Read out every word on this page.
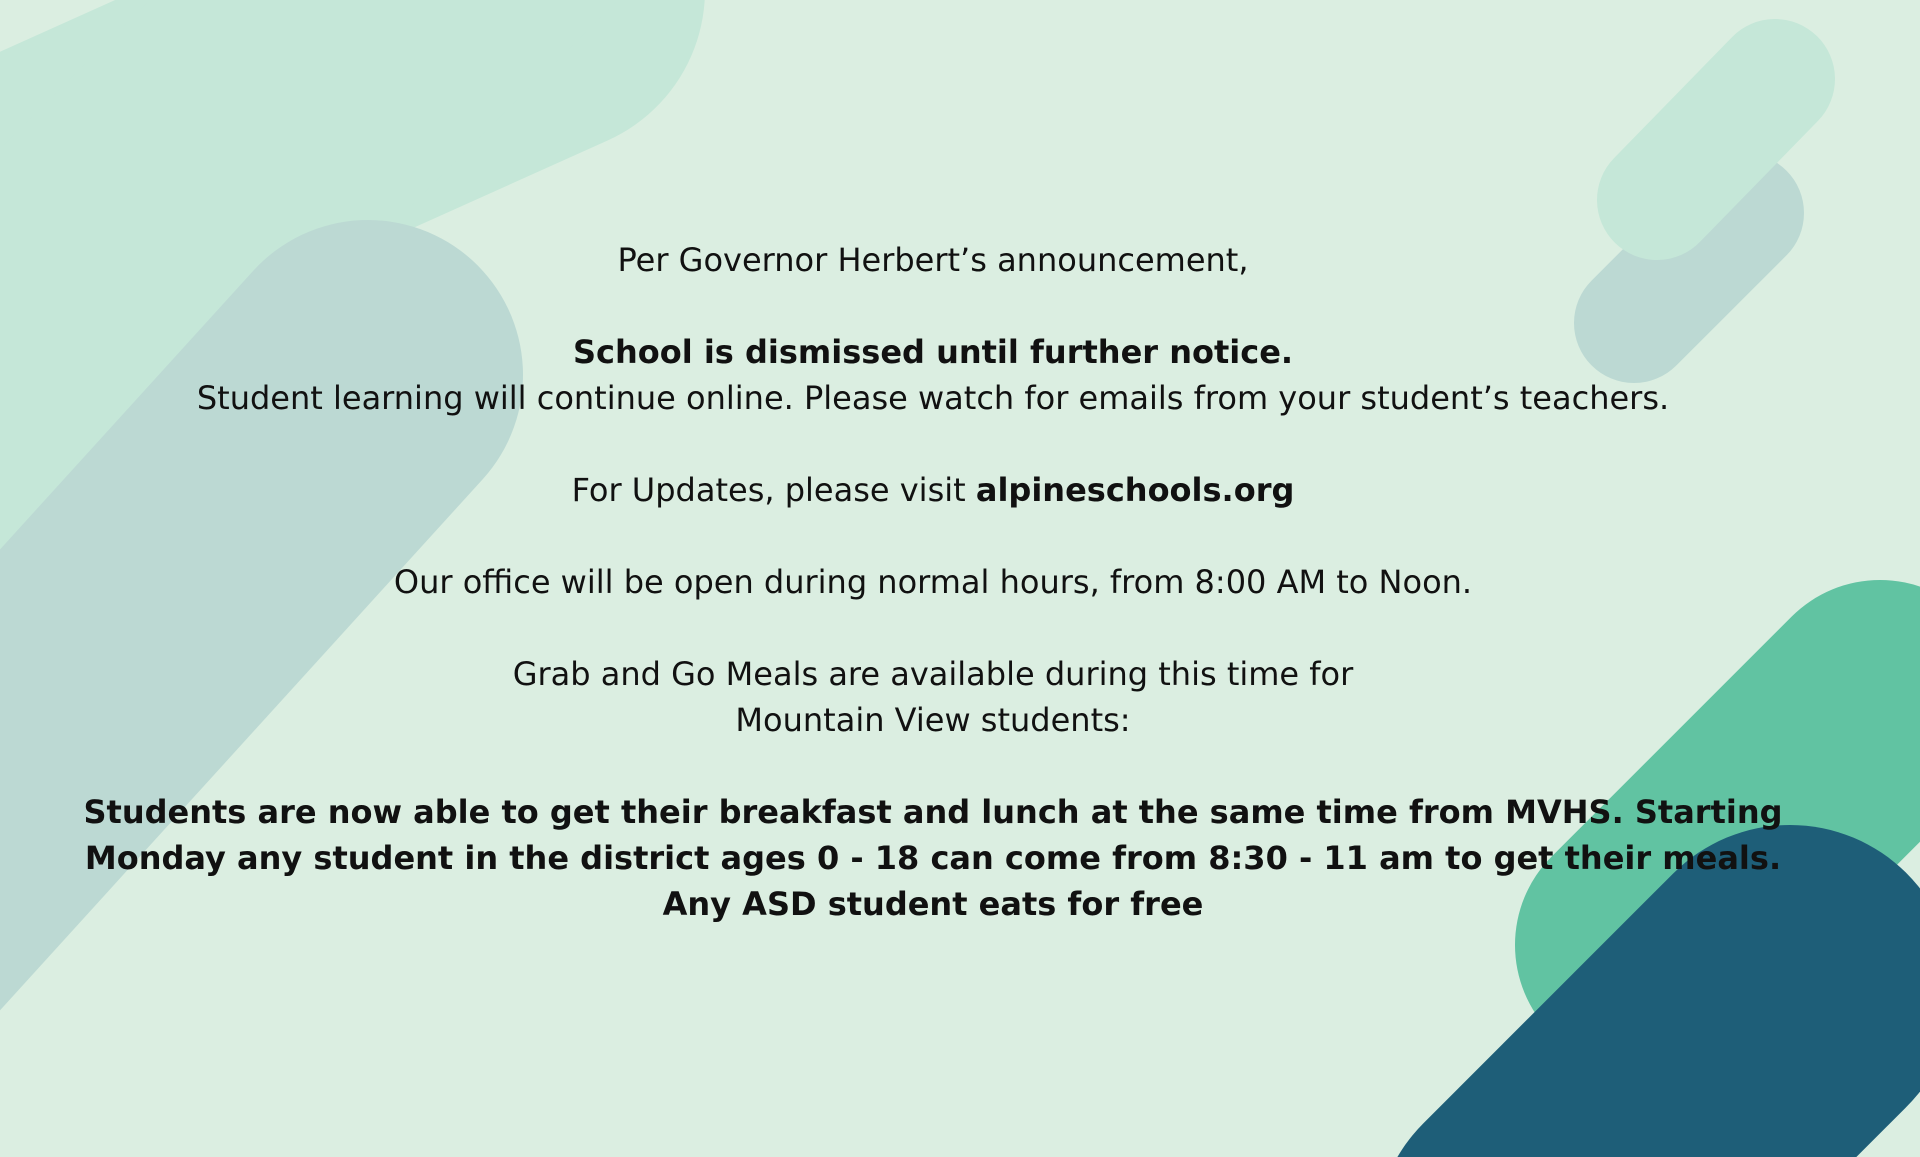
Per Governor Herbert’s announcement,

School is dismissed until further notice.

Student learning will continue online. Please watch for emails from your student’s teachers.

For Updates, please visit alpineschools.org

Our office will be open during normal hours, from 8:00 AM to Noon.

Grab and Go Meals are available during this time for

Mountain View students:

Students are now able to get their breakfast and lunch at the same time from MVHS. Starting

Monday any student in the district ages 0 - 18 can come from 8:30 - 11 am to get their meals.

Any ASD student eats for free
